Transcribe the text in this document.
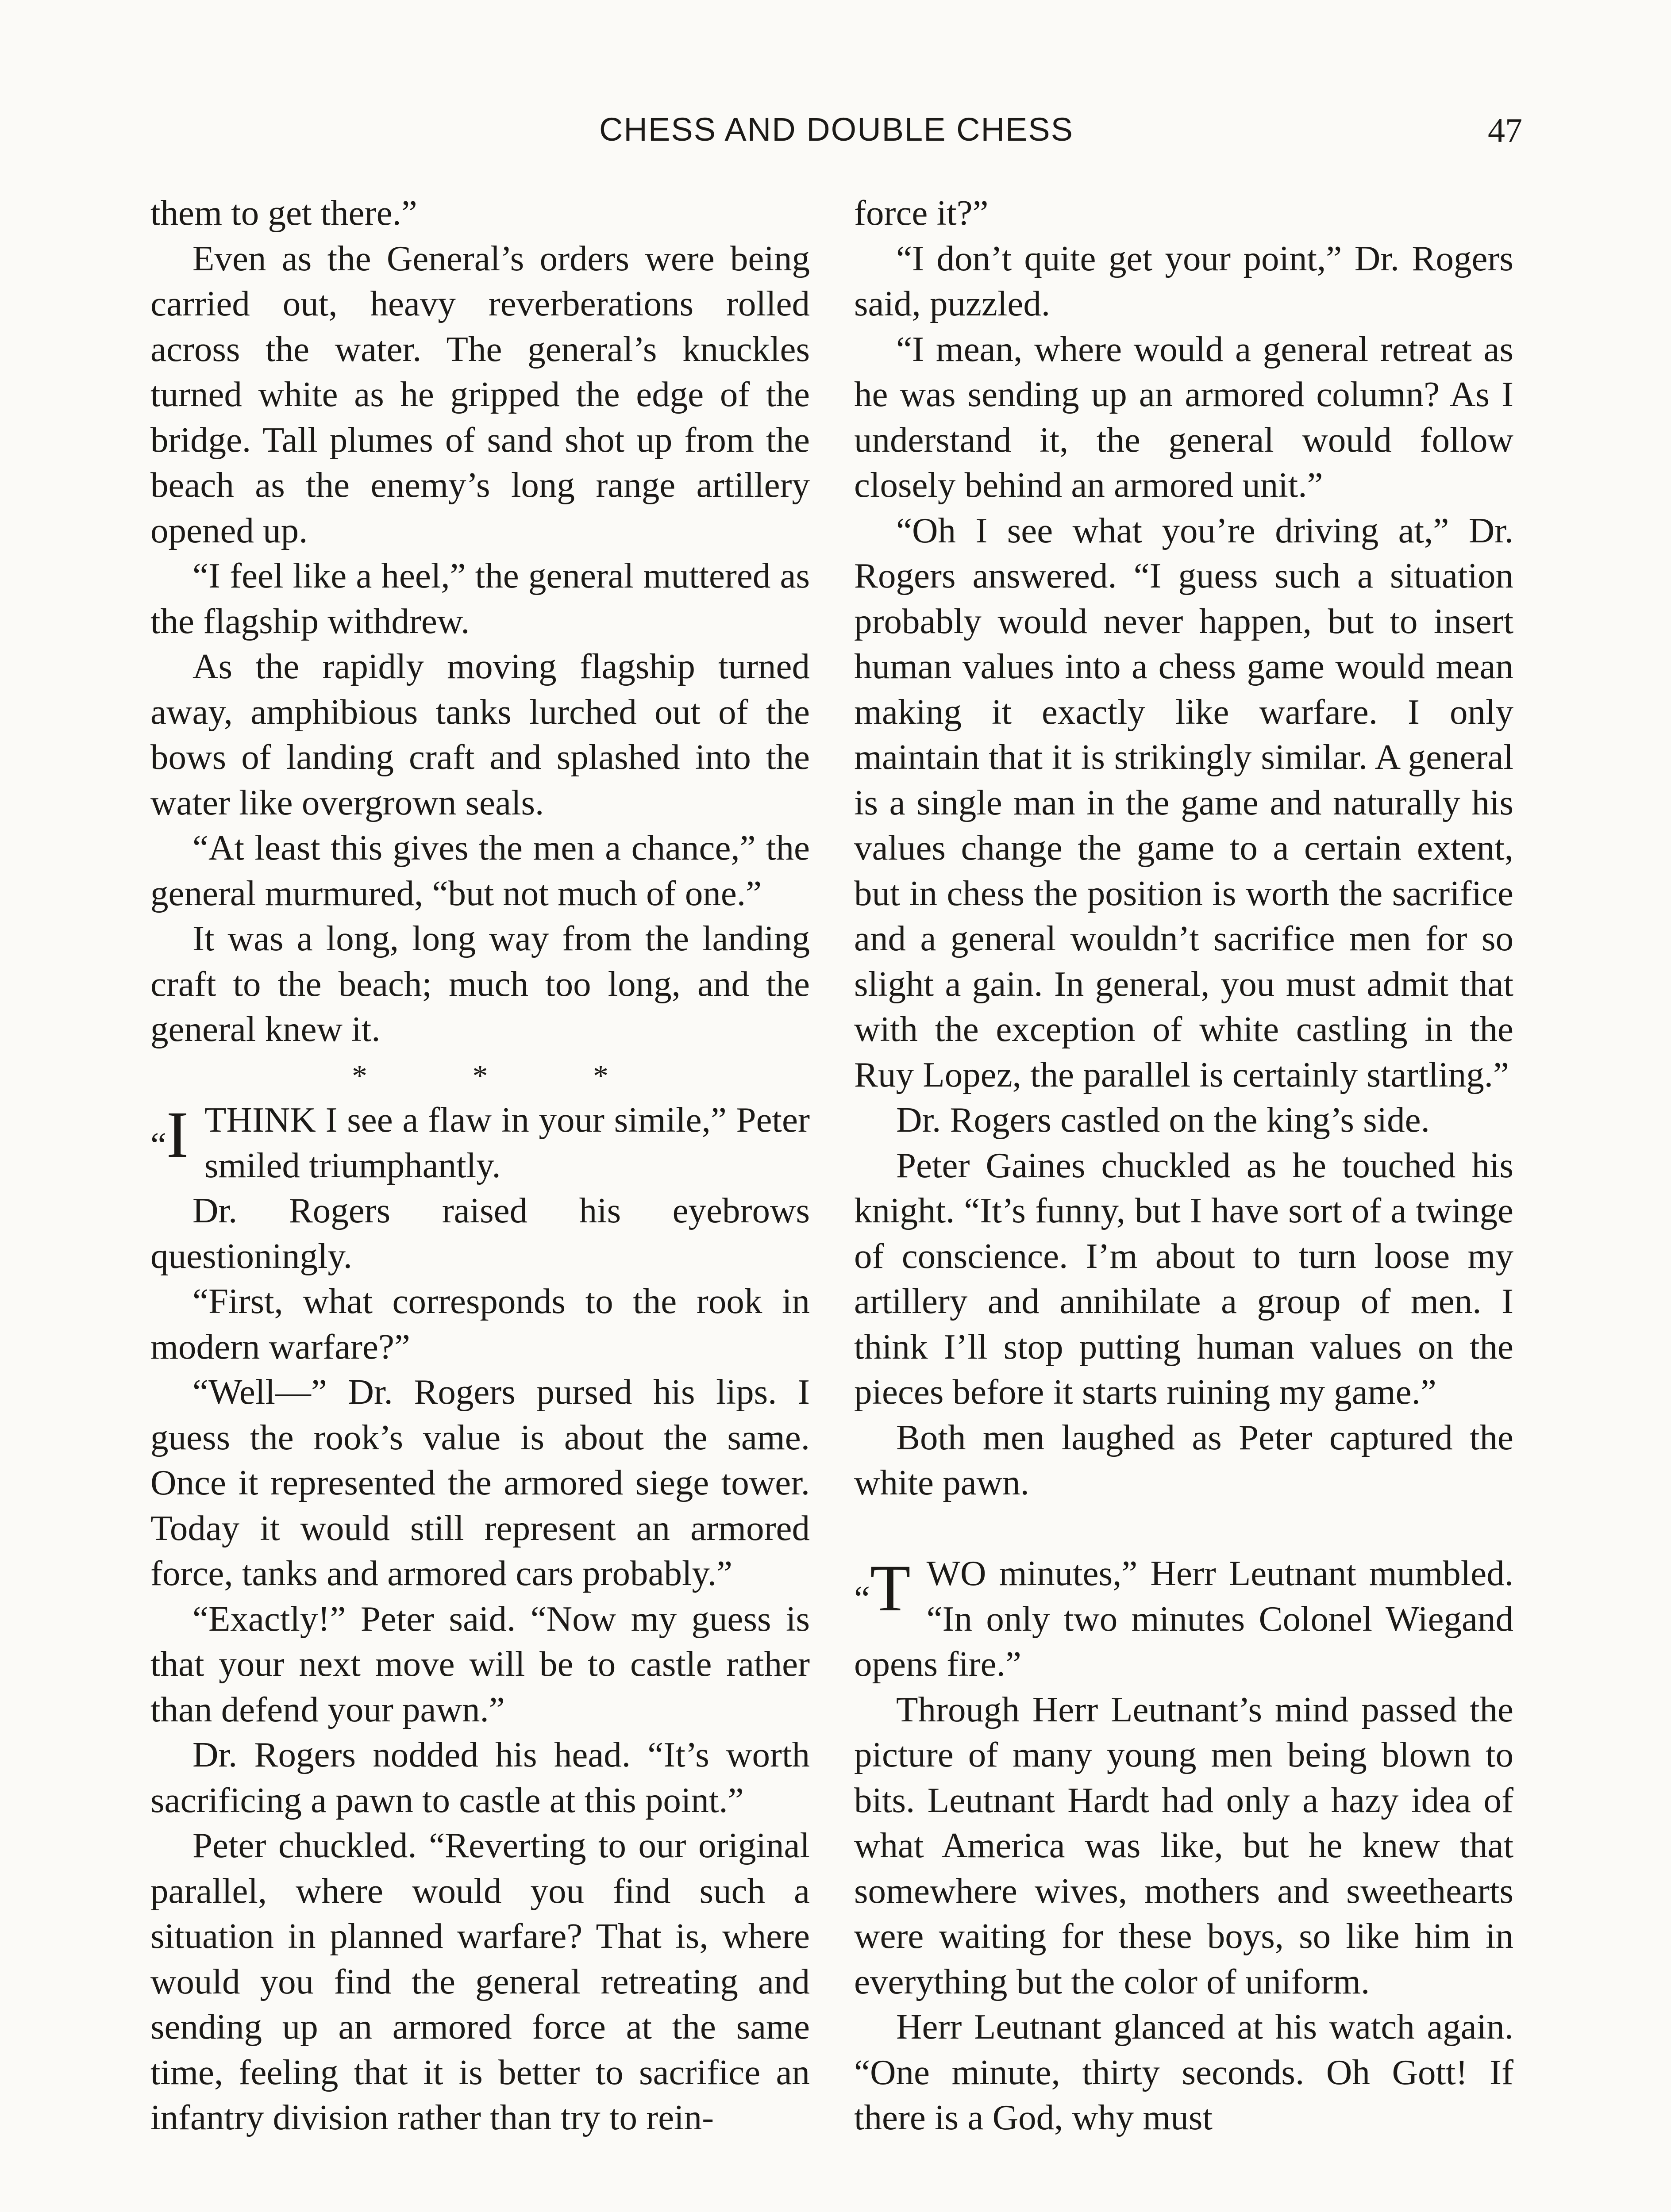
CHESS AND DOUBLE CHESS	47

them to get there.”

Even as the General’s orders were being carried out, heavy reverberations rolled across the water. The general’s knuckles turned white as he gripped the edge of the bridge. Tall plumes of sand shot up from the beach as the enemy’s long range artillery opened up.

“I feel like a heel,” the general muttered as the flagship withdrew.

As the rapidly moving flagship turned away, amphibious tanks lurched out of the bows of landing craft and splashed into the water like overgrown seals.

“At least this gives the men a chance,” the general murmured, “but not much of one.”

It was a long, long way from the landing craft to the beach; much too long, and the general knew it.

* * *

“I THINK I see a flaw in your simile,” Peter smiled triumphantly.

Dr. Rogers raised his eyebrows questioningly.

“First, what corresponds to the rook in modern warfare?”

“Well—” Dr. Rogers pursed his lips. I guess the rook’s value is about the same. Once it represented the armored siege tower. Today it would still represent an armored force, tanks and armored cars probably.”

“Exactly!” Peter said. “Now my guess is that your next move will be to castle rather than defend your pawn.”

Dr. Rogers nodded his head. “It’s worth sacrificing a pawn to castle at this point.”

Peter chuckled. “Reverting to our original parallel, where would you find such a situation in planned warfare? That is, where would you find the general retreating and sending up an armored force at the same time, feeling that it is better to sacrifice an infantry division rather than try to rein-

force it?”

“I don’t quite get your point,” Dr. Rogers said, puzzled.

“I mean, where would a general retreat as he was sending up an armored column? As I understand it, the general would follow closely behind an armored unit.”

“Oh I see what you’re driving at,” Dr. Rogers answered. “I guess such a situation probably would never happen, but to insert human values into a chess game would mean making it exactly like warfare. I only maintain that it is strikingly similar. A general is a single man in the game and naturally his values change the game to a certain extent, but in chess the position is worth the sacrifice and a general wouldn’t sacrifice men for so slight a gain. In general, you must admit that with the exception of white castling in the Ruy Lopez, the parallel is certainly startling.”

Dr. Rogers castled on the king’s side.

Peter Gaines chuckled as he touched his knight. “It’s funny, but I have sort of a twinge of conscience. I’m about to turn loose my artillery and annihilate a group of men. I think I’ll stop putting human values on the pieces before it starts ruining my game.”

Both men laughed as Peter captured the white pawn.

“T WO minutes,” Herr Leutnant mumbled. “In only two minutes Colonel Wiegand opens fire.”

Through Herr Leutnant’s mind passed the picture of many young men being blown to bits. Leutnant Hardt had only a hazy idea of what America was like, but he knew that somewhere wives, mothers and sweethearts were waiting for these boys, so like him in everything but the color of uniform.

Herr Leutnant glanced at his watch again. “One minute, thirty seconds. Oh Gott! If there is a God, why must
